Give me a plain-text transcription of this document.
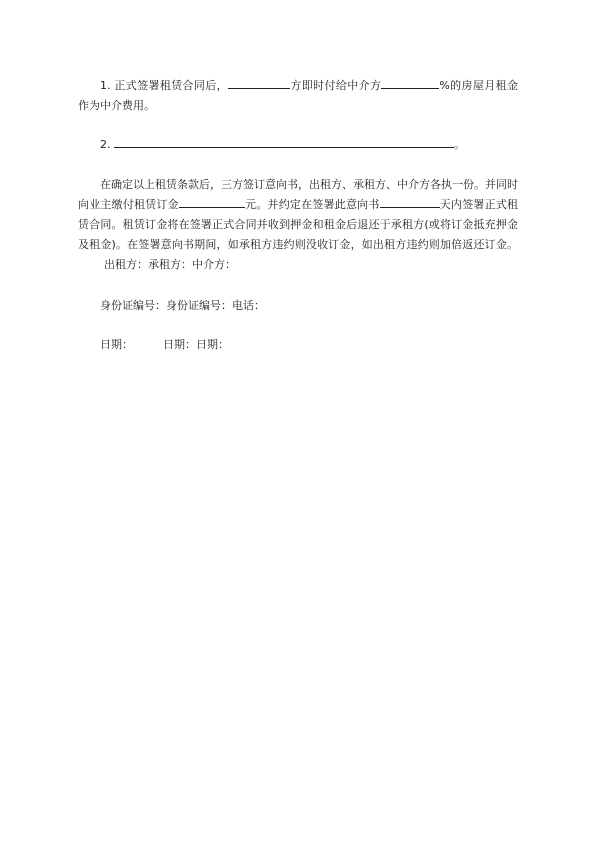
1. 正式签署租赁合同后，	方即时付给中介方	%的房屋月租金作为中介费用。
2.	。
在确定以上租赁条款后，三方签订意向书，出租方、承租方、中介方各执一份。并同时向业主缴付租赁订金	元。并约定在签署此意向书	天内签署正式租赁合同。租赁订金将在签署正式合同并收到押金和租金后退还于承租方(或将订金抵充押金及租金)。在签署意向书期间，如承租方违约则没收订金，如出租方违约则加倍返还订金。出租方：承租方：中介方：
身份证编号：身份证编号：电话：
日期：	日期：日期：
